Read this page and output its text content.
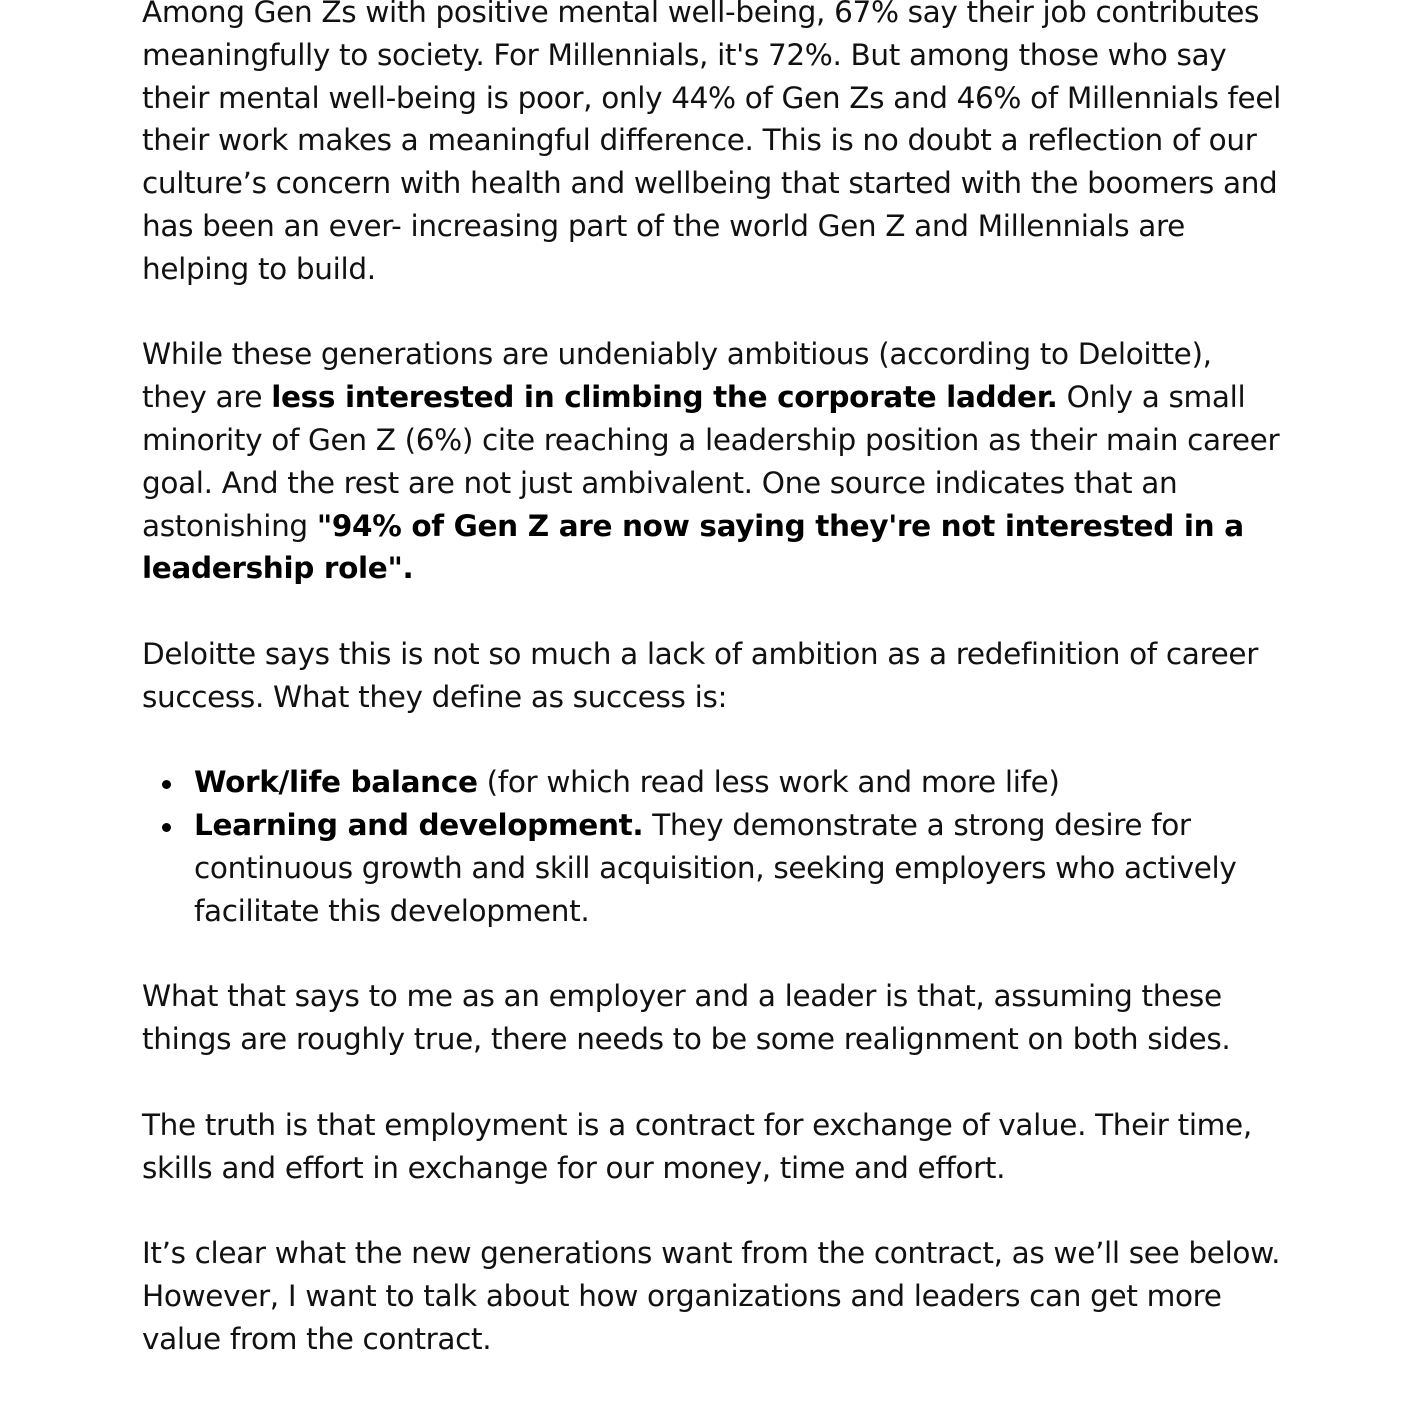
Among Gen Zs with positive mental well-being, 67% say their job contributes meaningfully to society. For Millennials, it's 72%. But among those who say their mental well-being is poor, only 44% of Gen Zs and 46% of Millennials feel their work makes a meaningful difference. This is no doubt a reflection of our culture’s concern with health and wellbeing that started with the boomers and has been an ever- increasing part of the world Gen Z and Millennials are helping to build.

While these generations are undeniably ambitious (according to Deloitte), they are less interested in climbing the corporate ladder. Only a small minority of Gen Z (6%) cite reaching a leadership position as their main career goal. And the rest are not just ambivalent. One source indicates that an astonishing "94% of Gen Z are now saying they're not interested in a leadership role".

Deloitte says this is not so much a lack of ambition as a redefinition of career success. What they define as success is:

Work/life balance (for which read less work and more life)
Learning and development. They demonstrate a strong desire for continuous growth and skill acquisition, seeking employers who actively facilitate this development.

What that says to me as an employer and a leader is that, assuming these things are roughly true, there needs to be some realignment on both sides.

The truth is that employment is a contract for exchange of value. Their time, skills and effort in exchange for our money, time and effort.

It’s clear what the new generations want from the contract, as we’ll see below. However, I want to talk about how organizations and leaders can get more value from the contract.
